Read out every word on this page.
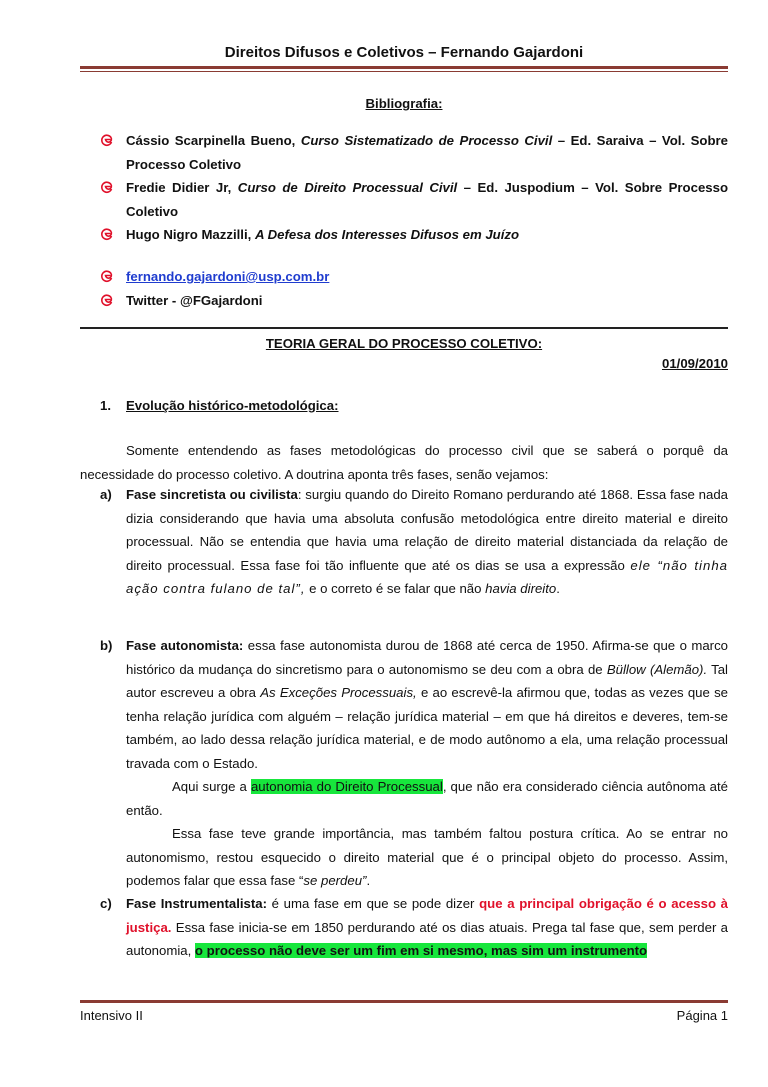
Direitos Difusos e Coletivos – Fernando Gajardoni
Bibliografia:
Cássio Scarpinella Bueno, Curso Sistematizado de Processo Civil – Ed. Saraiva – Vol. Sobre Processo Coletivo
Fredie Didier Jr, Curso de Direito Processual Civil – Ed. Juspodium – Vol. Sobre Processo Coletivo
Hugo Nigro Mazzilli, A Defesa dos Interesses Difusos em Juízo
fernando.gajardoni@usp.com.br
Twitter - @FGajardoni
TEORIA GERAL DO PROCESSO COLETIVO:
01/09/2010
1. Evolução histórico-metodológica:
Somente entendendo as fases metodológicas do processo civil que se saberá o porquê da necessidade do processo coletivo. A doutrina aponta três fases, senão vejamos:
a) Fase sincretista ou civilista: surgiu quando do Direito Romano perdurando até 1868. Essa fase nada dizia considerando que havia uma absoluta confusão metodológica entre direito material e direito processual. Não se entendia que havia uma relação de direito material distanciada da relação de direito processual. Essa fase foi tão influente que até os dias se usa a expressão ele “não tinha ação contra fulano de tal”, e o correto é se falar que não havia direito.
b) Fase autonomista: essa fase autonomista durou de 1868 até cerca de 1950. Afirma-se que o marco histórico da mudança do sincretismo para o autonomismo se deu com a obra de Büllow (Alemão). Tal autor escreveu a obra As Exceções Processuais, e ao escrevê-la afirmou que, todas as vezes que se tenha relação jurídica com alguém – relação jurídica material – em que há direitos e deveres, tem-se também, ao lado dessa relação jurídica material, e de modo autônomo a ela, uma relação processual travada com o Estado.
Aqui surge a autonomia do Direito Processual, que não era considerado ciência autônoma até então.
Essa fase teve grande importância, mas também faltou postura crítica. Ao se entrar no autonomismo, restou esquecido o direito material que é o principal objeto do processo. Assim, podemos falar que essa fase “se perdeu”.
c) Fase Instrumentalista: é uma fase em que se pode dizer que a principal obrigação é o acesso à justiça. Essa fase inicia-se em 1850 perdurando até os dias atuais. Prega tal fase que, sem perder a autonomia, o processo não deve ser um fim em si mesmo, mas sim um instrumento
Intensivo II	Página 1
